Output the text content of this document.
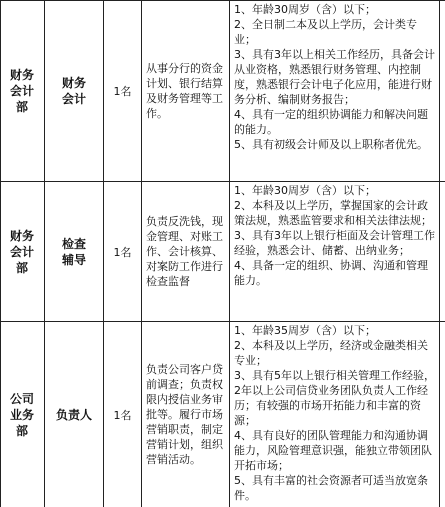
财务
会计
部
财务
会计
1名
从事分行的资金计划、银行结算及财务管理等工作。
1、年龄30周岁（含）以下；
2、全日制二本及以上学历，会计类专业；
3、具有3年以上相关工作经历，具备会计从业资格，熟悉银行财务管理、内控制度，熟悉银行会计电子化应用，能进行财务分析、编制财务报告；
4、具有一定的组织协调能力和解决问题的能力。
5、具有初级会计师及以上职称者优先。
财务
会计
部
检查
辅导
1名
负责反洗钱，现金管理、对账工作、会计核算、对案防工作进行检查监督
1、年龄30周岁（含）以下；
2、本科及以上学历，掌握国家的会计政策法规，熟悉监管要求和相关法律法规；
3、具有3年以上银行柜面及会计管理工作经验，熟悉会计、储蓄、出纳业务；
4、具备一定的组织、协调、沟通和管理能力。
公司
业务
部
负责人 1名
负责公司客户贷前调查；负责权限内授信业务审批等。履行市场营销职责，制定营销计划，组织营销活动。
1、年龄35周岁（含）以下；
2、本科及以上学历，经济或金融类相关专业；
3、具有5年以上银行相关管理工作经验，2年以上公司信贷业务团队负责人工作经历；有较强的市场开拓能力和丰富的资源；
4、具有良好的团队管理能力和沟通协调能力，风险管理意识强，能独立带领团队开拓市场；
5、具有丰富的社会资源者可适当放宽条件。
